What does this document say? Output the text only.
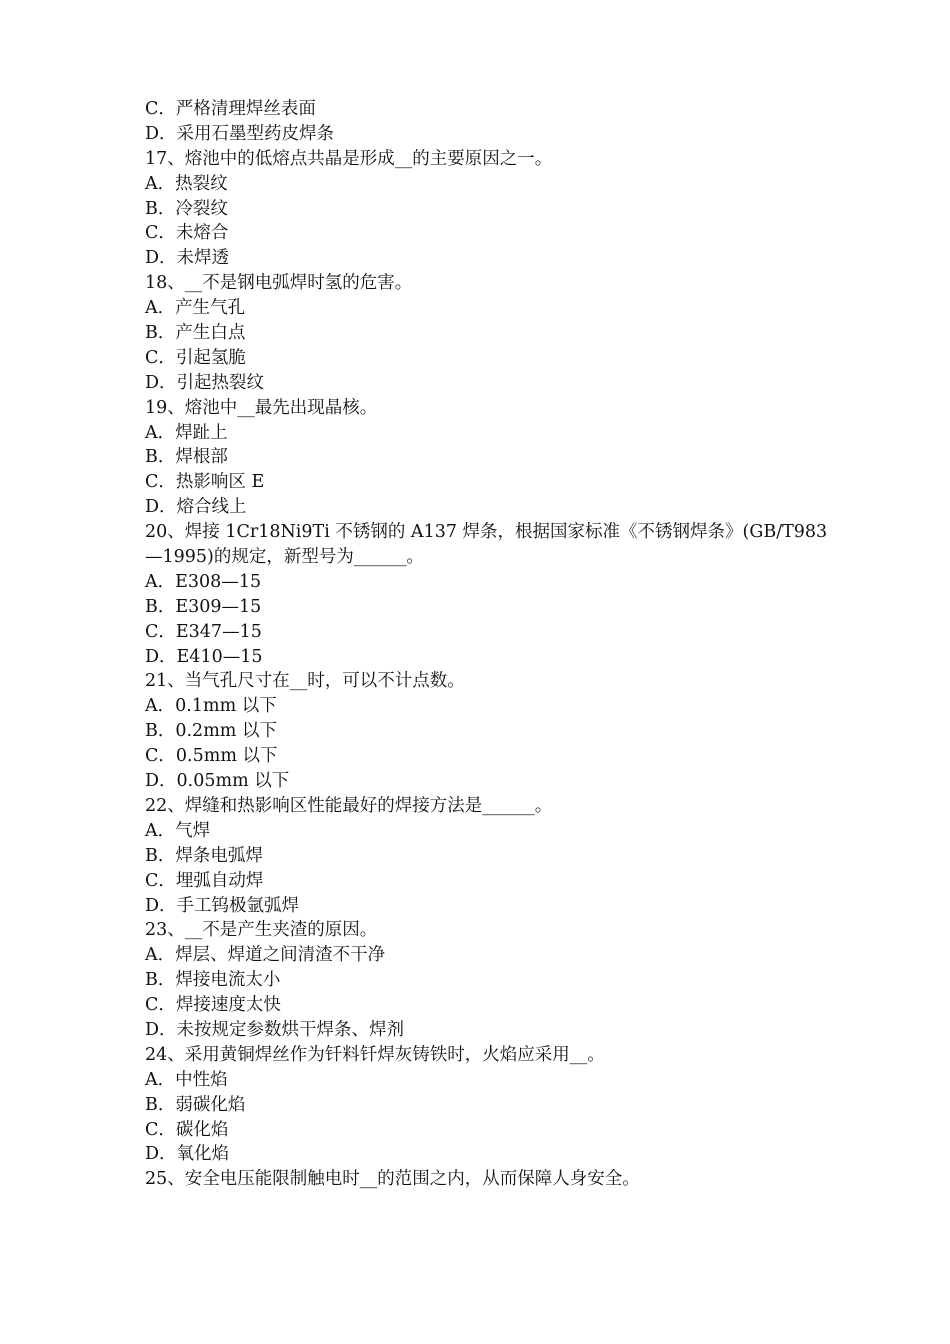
C．严格清理焊丝表面
D．采用石墨型药皮焊条
17、熔池中的低熔点共晶是形成__的主要原因之一。
A．热裂纹
B．冷裂纹
C．未熔合
D．未焊透
18、__不是钢电弧焊时氢的危害。
A．产生气孔
B．产生白点
C．引起氢脆
D．引起热裂纹
19、熔池中__最先出现晶核。
A．焊趾上
B．焊根部
C．热影响区 E
D．熔合线上
20、焊接 1Cr18Ni9Ti 不锈钢的 A137 焊条，根据国家标准《不锈钢焊条》(GB/T983
—1995)的规定，新型号为______。
A．E308—15
B．E309—15
C．E347—15
D．E410—15
21、当气孔尺寸在__时，可以不计点数。
A．0.1mm 以下
B．0.2mm 以下
C．0.5mm 以下
D．0.05mm 以下
22、焊缝和热影响区性能最好的焊接方法是______。
A．气焊
B．焊条电弧焊
C．埋弧自动焊
D．手工钨极氩弧焊
23、__不是产生夹渣的原因。
A．焊层、焊道之间清渣不干净
B．焊接电流太小
C．焊接速度太快
D．未按规定参数烘干焊条、焊剂
24、采用黄铜焊丝作为钎料钎焊灰铸铁时，火焰应采用__。
A．中性焰
B．弱碳化焰
C．碳化焰
D．氧化焰
25、安全电压能限制触电时__的范围之内，从而保障人身安全。
